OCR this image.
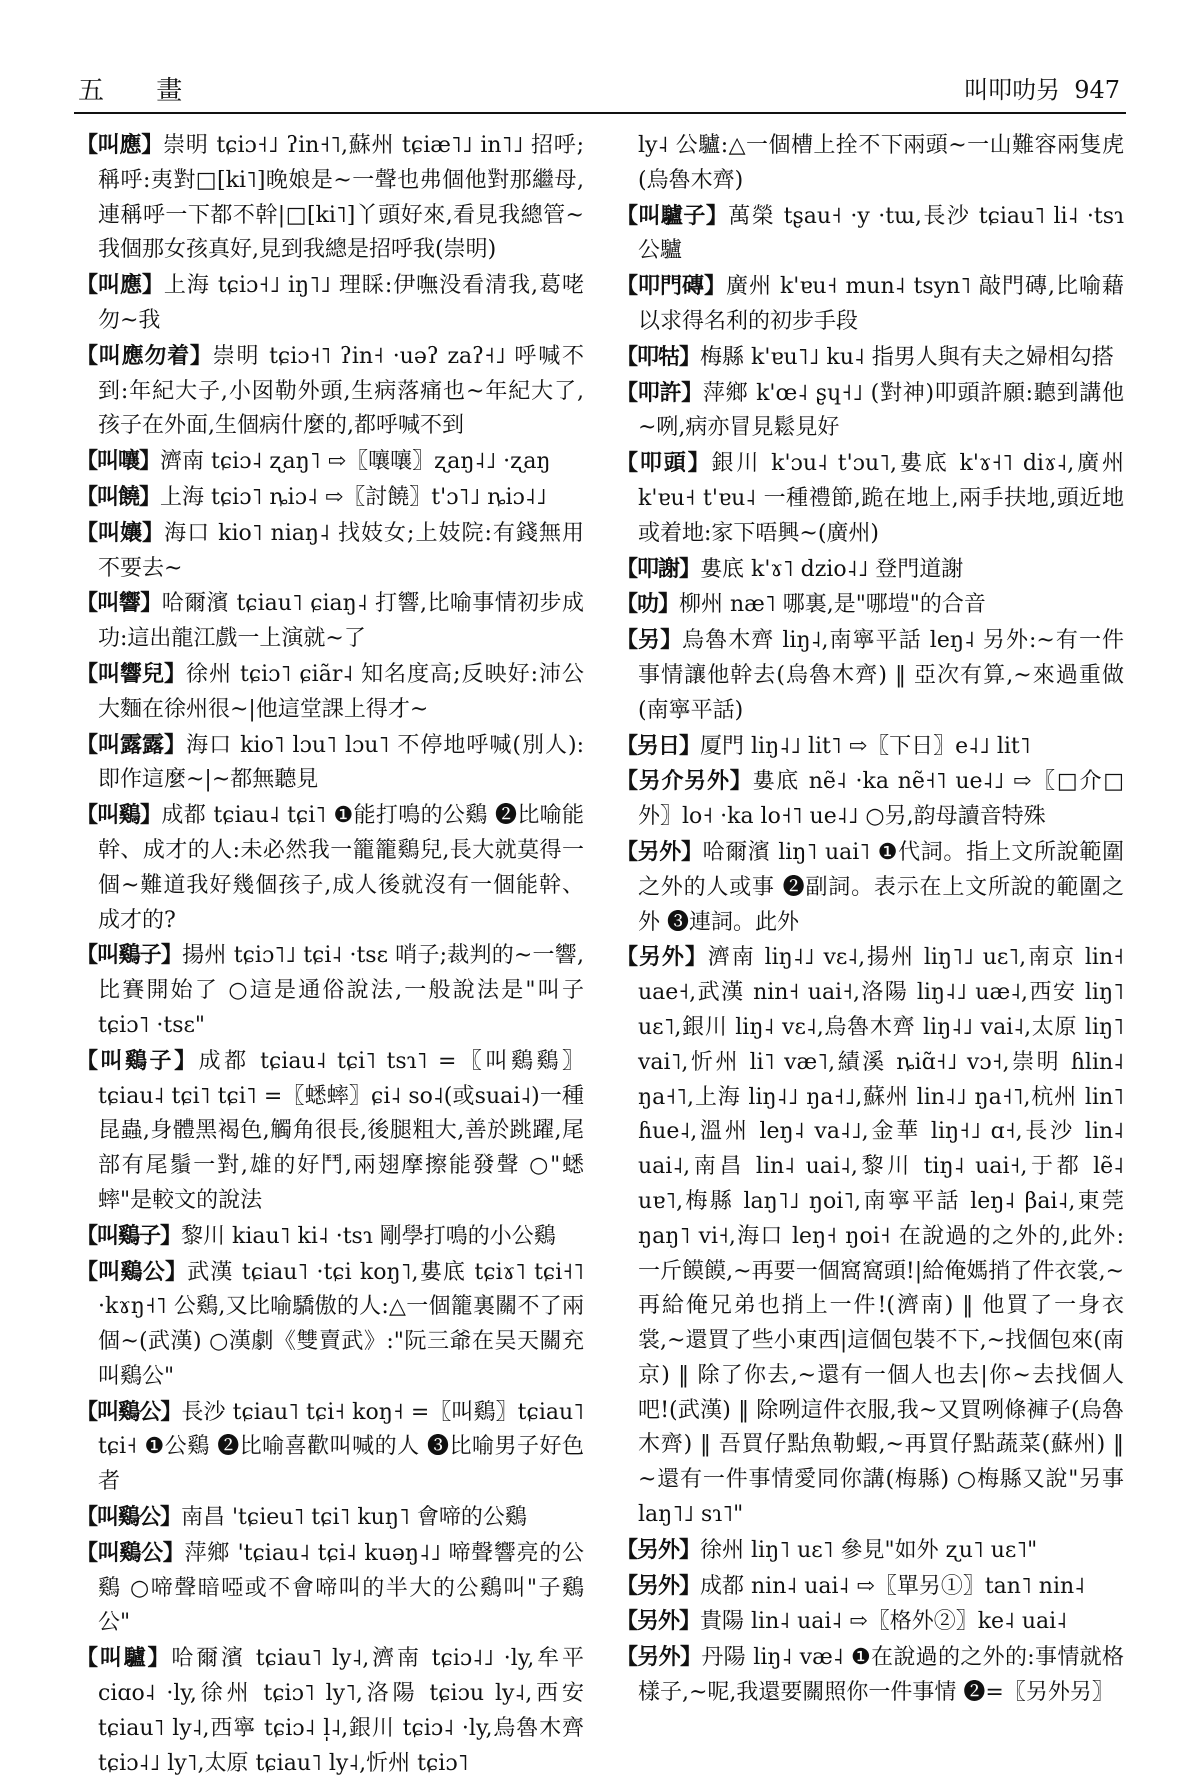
五 畫	叫叩叻另 947

【叫應】崇明 tɕiɔ˧˩ ʔin˧˥,蘇州 tɕiæ˥˩ in˥˩ 招呼;稱呼:夷對□[ki˥]晚娘是~一聲也弗個他對那繼母,連稱呼一下都不幹|□[ki˥]丫頭好來,看見我總管~我個那女孩真好,見到我總是招呼我(崇明)

【叫應】上海 tɕiɔ˧˩ iŋ˥˩ 理睬:伊嘸没看清我,葛咾勿~我

【叫應勿着】崇明 tɕiɔ˧˥ ʔin˧ ·uəʔ zaʔ˧˩ 呼喊不到:年紀大子,小囡勒外頭,生病落痛也~年紀大了,孩子在外面,生個病什麼的,都呼喊不到

【叫嚷】濟南 tɕiɔ˨ ʐaŋ˥ ⇨〖嚷嚷〗ʐaŋ˨˩ ·ʐaŋ

【叫饒】上海 tɕiɔ˥ ȵiɔ˨ ⇨〖討饒〗t'ɔ˥˩ ȵiɔ˨˩

【叫孃】海口 kio˥ niaŋ˨ 找妓女;上妓院:有錢無用不要去~

【叫響】哈爾濱 tɕiau˥ ɕiaŋ˨ 打響,比喻事情初步成功:這出龍江戲一上演就~了

【叫響兒】徐州 tɕiɔ˥ ɕiãr˨ 知名度高;反映好:沛公大麵在徐州很~|他這堂課上得才~

【叫露露】海口 kio˥ lɔu˥ lɔu˥ 不停地呼喊(別人):即作這麼~|~都無聽見

【叫鷄】成都 tɕiau˨ tɕi˥ ❶能打鳴的公鷄 ❷比喻能幹、成才的人:未必然我一籠籠鷄兒,長大就莫得一個~難道我好幾個孩子,成人後就沒有一個能幹、成才的?

【叫鷄子】揚州 tɕiɔ˥˩ tɕi˨ ·tsɛ 哨子;裁判的~一響,比賽開始了 ○這是通俗說法,一般說法是"叫子 tɕiɔ˥ ·tsɛ"

【叫鷄子】成都 tɕiau˨ tɕi˥ tsɿ˥ =〖叫鷄鷄〗tɕiau˨ tɕi˥ tɕi˥ =〖蟋蟀〗ɕi˨ so˨(或suai˨)一種昆蟲,身體黑褐色,觸角很長,後腿粗大,善於跳躍,尾部有尾鬚一對,雄的好鬥,兩翅摩擦能發聲 ○"蟋蟀"是較文的說法

【叫鷄子】黎川 kiau˥ ki˨ ·tsɿ 剛學打鳴的小公鷄

【叫鷄公】武漢 tɕiau˥ ·tɕi koŋ˥,婁底 tɕiɤ˥ tɕi˧˥ ·kɤŋ˧˥ 公鷄,又比喻驕傲的人:△一個籠裏關不了兩個~(武漢) ○漢劇《雙賣武》:"阮三爺在吴天關充叫鷄公"

【叫鷄公】長沙 tɕiau˥ tɕi˧ koŋ˧ =〖叫鷄〗tɕiau˥ tɕi˧ ❶公鷄 ❷比喻喜歡叫喊的人 ❸比喻男子好色者

【叫鷄公】南昌 'tɕieu˥ tɕi˥ kuŋ˥ 會啼的公鷄

【叫鷄公】萍鄉 'tɕiau˨ tɕi˨ kuəŋ˨˩ 啼聲響亮的公鷄 ○啼聲暗啞或不會啼叫的半大的公鷄叫"子鷄公"

【叫驢】哈爾濱 tɕiau˥ ly˨,濟南 tɕiɔ˨˩ ·ly,牟平 ciɑo˨ ·ly,徐州 tɕiɔ˥ ly˥,洛陽 tɕiɔu ly˨,西安 tɕiau˥ ly˨,西寧 tɕiɔ˨ l̩˨,銀川 tɕiɔ˨ ·ly,烏魯木齊 tɕiɔ˨˩ ly˥,太原 tɕiau˥ ly˨,忻州 tɕiɔ˥

ly˨ 公驢:△一個槽上拴不下兩頭~一山難容兩隻虎(烏魯木齊)

【叫驢子】萬榮 tʂau˧ ·y ·tɯ,長沙 tɕiau˥ li˨ ·tsɿ 公驢

【叩門磚】廣州 k'ɐu˧ mun˨ tsyn˥ 敲門磚,比喻藉以求得名利的初步手段

【叩牯】梅縣 k'ɐu˥˩ ku˨ 指男人與有夫之婦相勾搭

【叩許】萍鄉 k'œ˨ ʂɥ˧˩ (對神)叩頭許願:聽到講他~咧,病亦冒見鬆見好

【叩頭】銀川 k'ɔu˨ t'ɔu˥,婁底 k'ɤ˧˥ diɤ˨,廣州 k'ɐu˧ t'ɐu˨ 一種禮節,跪在地上,兩手扶地,頭近地或着地:家下唔興~(廣州)

【叩謝】婁底 k'ɤ˥ dzio˨˩ 登門道謝

【叻】柳州 næ˥ 哪裏,是"哪塏"的合音

【另】烏魯木齊 liŋ˨,南寧平話 leŋ˨ 另外:~有一件事情讓他幹去(烏魯木齊) ‖ 亞次有算,~來過重做(南寧平話)

【另日】厦門 liŋ˨˩ lit˥ ⇨〖下日〗e˨˩ lit˥

【另介另外】婁底 nẽ˨ ·ka nẽ˧˥ ue˨˩ ⇨〖□介□外〗lo˧ ·ka lo˧˥ ue˨˩ ○另,韵母讀音特殊

【另外】哈爾濱 liŋ˥ uai˥ ❶代詞。指上文所說範圍之外的人或事 ❷副詞。表示在上文所說的範圍之外 ❸連詞。此外

【另外】濟南 liŋ˨˩ vɛ˨,揚州 liŋ˥˩ uɛ˥,南京 lin˧ uae˧,武漢 nin˧ uai˧,洛陽 liŋ˨˩ uæ˨,西安 liŋ˥ uɛ˥,銀川 liŋ˨ vɛ˨,烏魯木齊 liŋ˨˩ vai˨,太原 liŋ˥ vai˥,忻州 li˥ væ˥,績溪 ȵiɑ̃˧˩ vɔ˧,崇明 ɦlin˨ ŋa˧˥,上海 liŋ˨˩ ŋa˧˩,蘇州 lin˨˩ ŋa˧˥,杭州 lin˥ ɦue˨,溫州 leŋ˨ va˨˩,金華 liŋ˧˩ ɑ˧,長沙 lin˨ uai˨,南昌 lin˨ uai˨,黎川 tiŋ˨ uai˧,于都 lẽ˨ uɐ˥,梅縣 laŋ˥˩ ŋoi˥,南寧平話 leŋ˨ βai˨,東莞 ŋaŋ˥ vi˧,海口 leŋ˧ ŋoi˧ 在說過的之外的,此外:一斤饃饃,~再要一個窩窩頭!|給俺媽捎了件衣裳,~再給俺兄弟也捎上一件!(濟南) ‖ 他買了一身衣裳,~還買了些小東西|這個包裝不下,~找個包來(南京) ‖ 除了你去,~還有一個人也去|你~去找個人吧!(武漢) ‖ 除咧這件衣服,我~又買咧條褲子(烏魯木齊) ‖ 吾買仔點魚勒蝦,~再買仔點蔬菜(蘇州) ‖ ~還有一件事情愛同你講(梅縣) ○梅縣又說"另事 laŋ˥˩ sɿ˥"

【另外】徐州 liŋ˥ uɛ˥ 參見"如外 ʐu˥ uɛ˥"

【另外】成都 nin˨ uai˨ ⇨〖單另①〗tan˥ nin˨

【另外】貴陽 lin˨ uai˨ ⇨〖格外②〗ke˨ uai˨

【另外】丹陽 liŋ˨ væ˨ ❶在說過的之外的:事情就格樣子,~呢,我還要關照你一件事情 ❷=〖另外另〗
